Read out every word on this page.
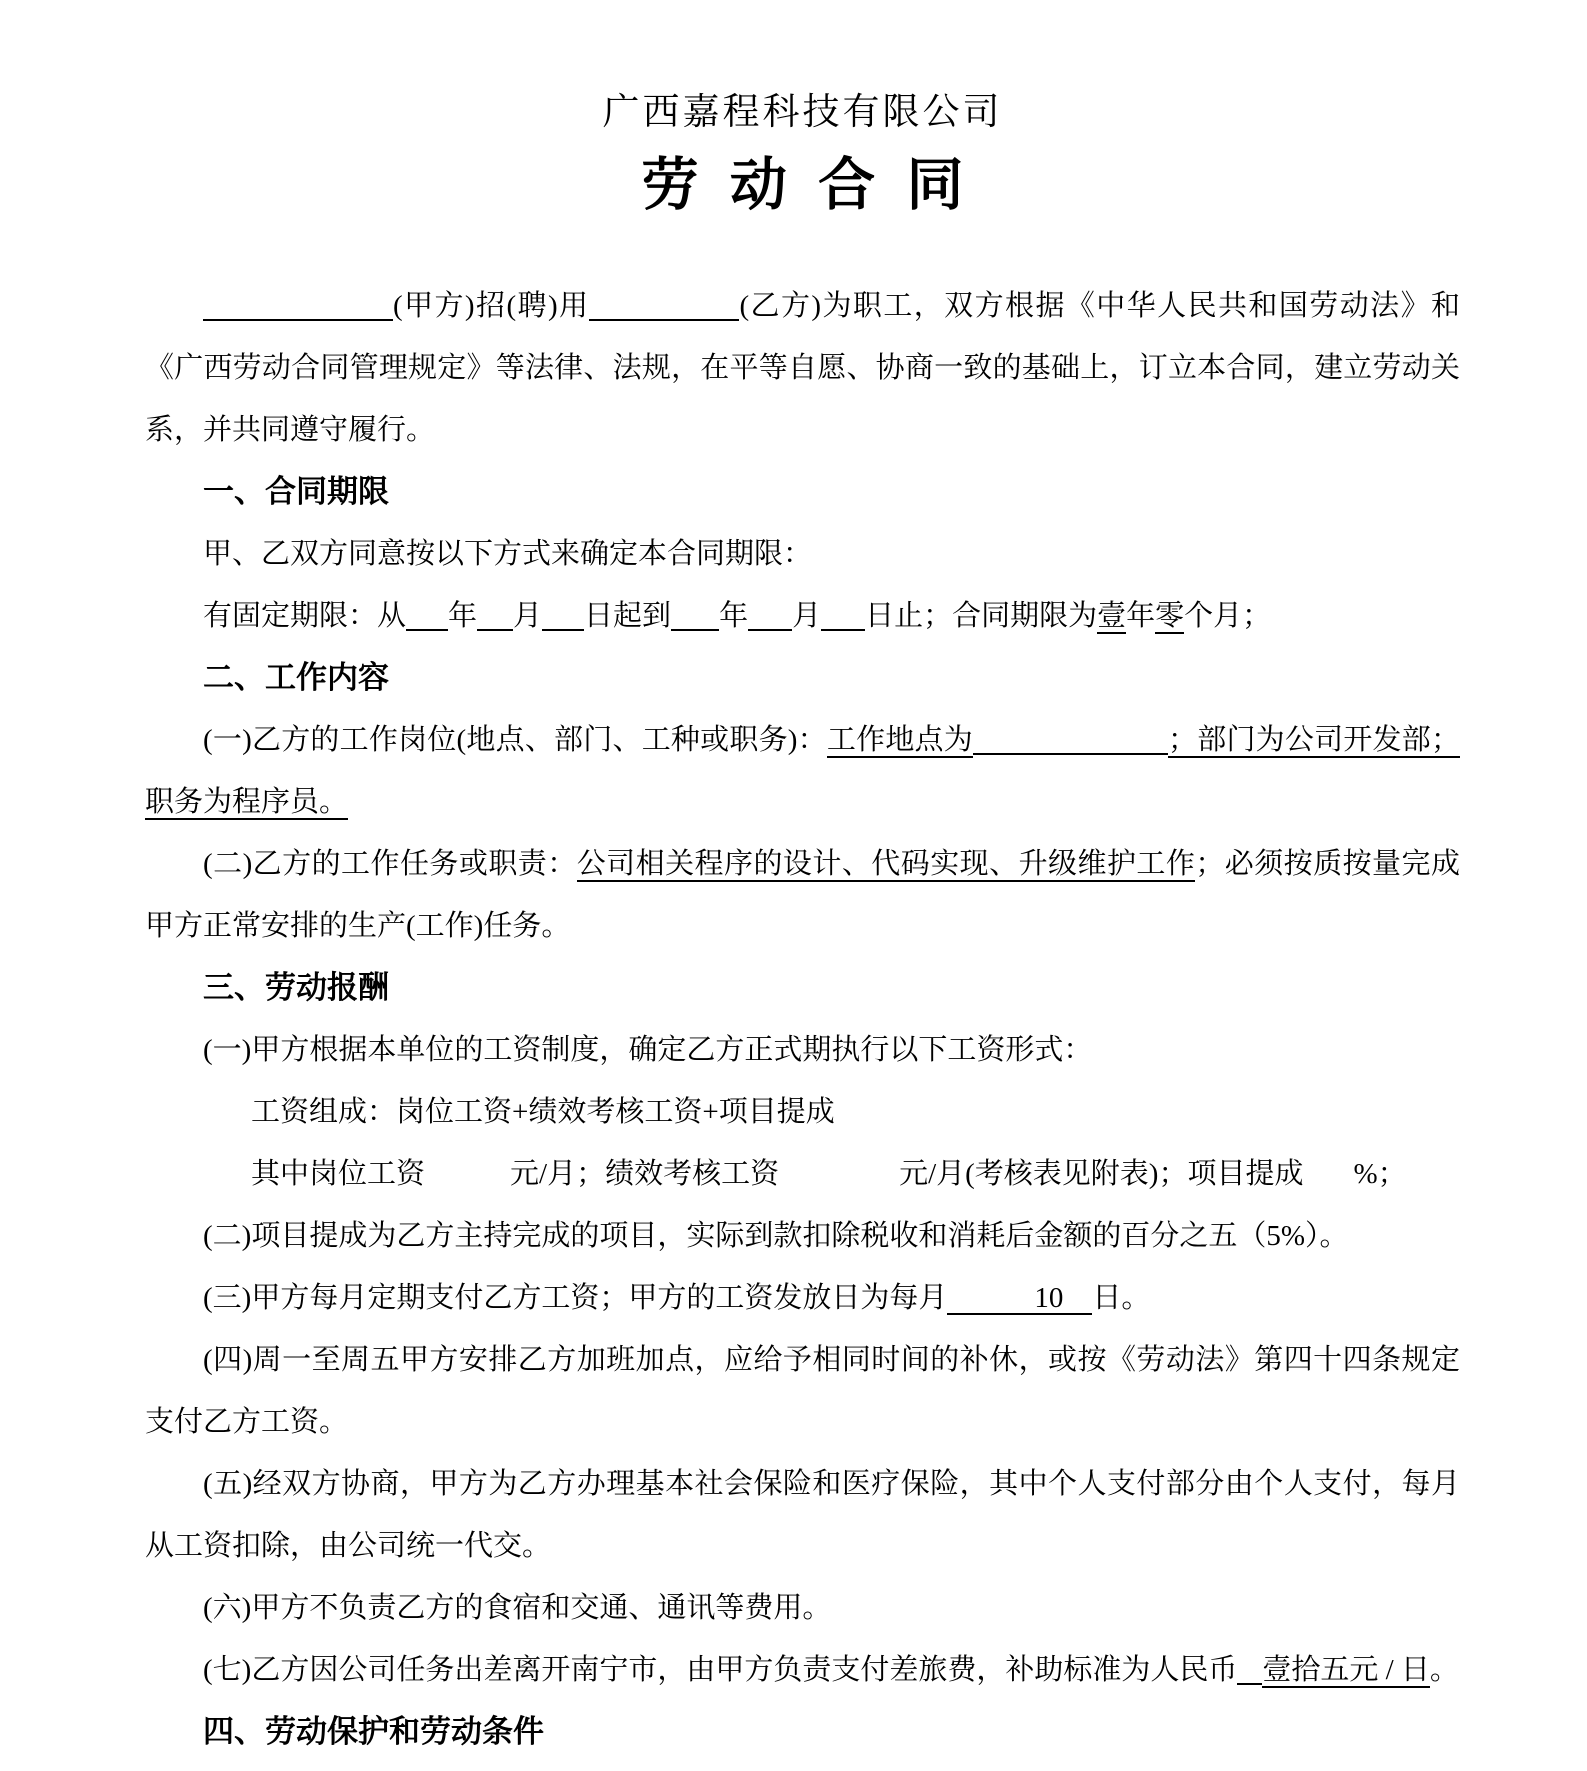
广西嘉程科技有限公司
劳动合同

(甲方)招(聘)用	(乙方)为职工，双方根据《中华人民共和国劳动法》和《广西劳动合同管理规定》等法律、法规，在平等自愿、协商一致的基础上，订立本合同，建立劳动关系，并共同遵守履行。

一、合同期限

甲、乙双方同意按以下方式来确定本合同期限：

有固定期限：从 年 月 日起到 年 月 日止；合同期限为壹年零个月；

二、工作内容

(一)乙方的工作岗位(地点、部门、工种或职务)：工作地点为	；部门为公司开发部；职务为程序员。

(二)乙方的工作任务或职责：公司相关程序的设计、代码实现、升级维护工作；必须按质按量完成甲方正常安排的生产(工作)任务。

三、劳动报酬

(一)甲方根据本单位的工资制度，确定乙方正式期执行以下工资形式：

工资组成：岗位工资+绩效考核工资+项目提成

其中岗位工资	元/月；绩效考核工资	元/月(考核表见附表)；项目提成 %；

(二)项目提成为乙方主持完成的项目，实际到款扣除税收和消耗后金额的百分之五（5%）。

(三)甲方每月定期支付乙方工资；甲方的工资发放日为每月	10 日。

(四)周一至周五甲方安排乙方加班加点，应给予相同时间的补休，或按《劳动法》第四十四条规定支付乙方工资。

(五)经双方协商，甲方为乙方办理基本社会保险和医疗保险，其中个人支付部分由个人支付，每月从工资扣除，由公司统一代交。

(六)甲方不负责乙方的食宿和交通、通讯等费用。

(七)乙方因公司任务出差离开南宁市，由甲方负责支付差旅费，补助标准为人民币 壹拾五元 / 日。

四、劳动保护和劳动条件
